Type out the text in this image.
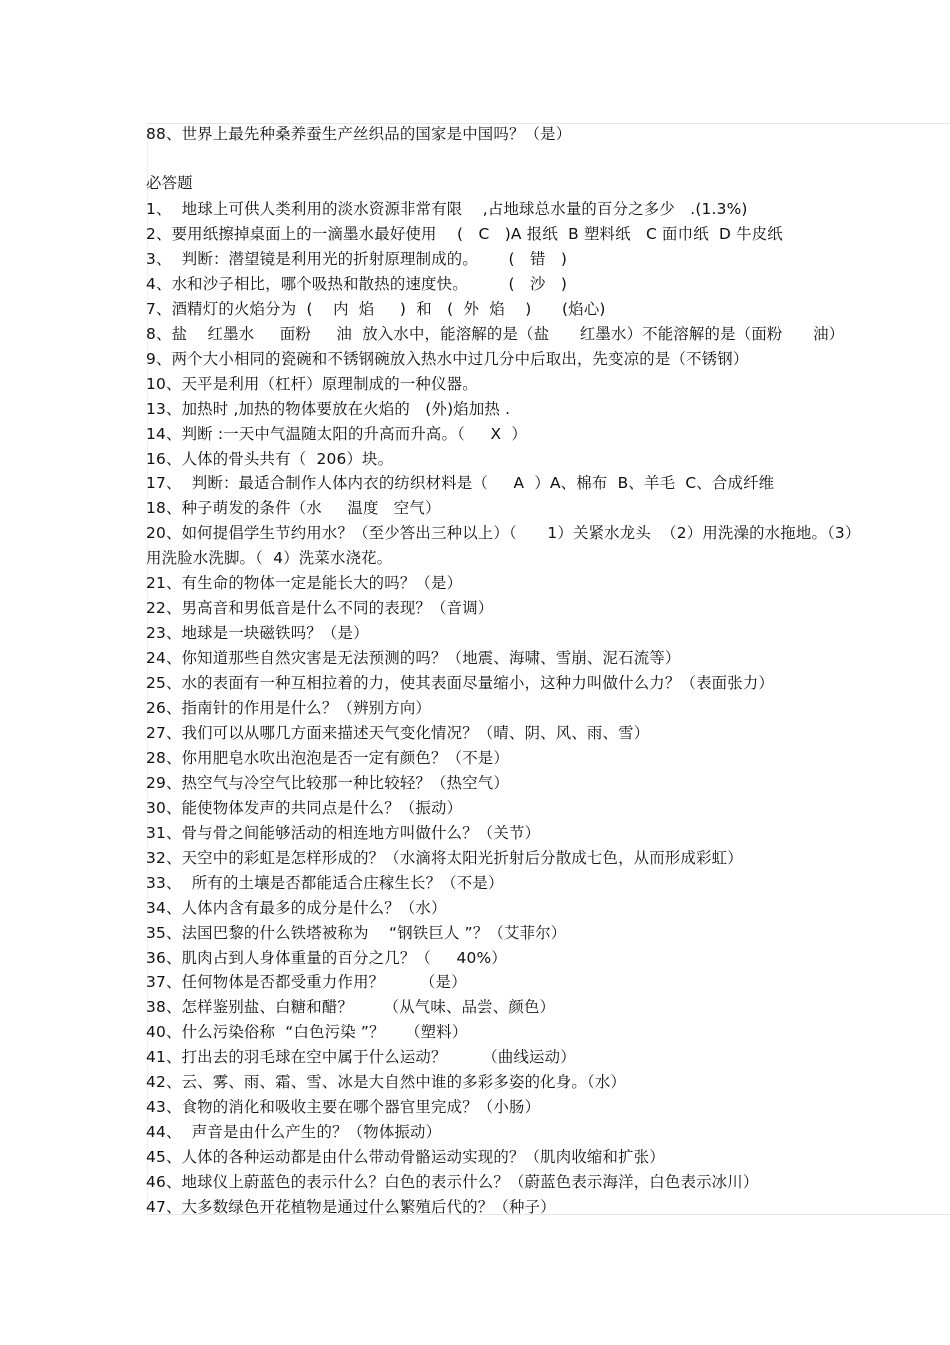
88、世界上最先种桑养蚕生产丝织品的国家是中国吗？（是）
必答题
1、  地球上可供人类利用的淡水资源非常有限    ,占地球总水量的百分之多少   .(1.3%)
2、要用纸擦掉桌面上的一滴墨水最好使用    (   C   )A 报纸  B 塑料纸   C 面巾纸  D 牛皮纸
3、  判断：潜望镜是利用光的折射原理制成的。      (   错   )
4、水和沙子相比，哪个吸热和散热的速度快。        (   沙   )
7、酒精灯的火焰分为  (    内  焰     )  和   (  外  焰    )      (焰心)
8、盐    红墨水     面粉     油  放入水中，能溶解的是（盐      红墨水）不能溶解的是（面粉      油）
9、两个大小相同的瓷碗和不锈钢碗放入热水中过几分中后取出，先变凉的是（不锈钢）
10、天平是利用（杠杆）原理制成的一种仪器。
13、加热时 ,加热的物体要放在火焰的   (外)焰加热 .
14、判断 :一天中气温随太阳的升高而升高。（     X  ）
16、人体的骨头共有（  206）块。
17、  判断：最适合制作人体内衣的纺织材料是（     A  ）A、棉布  B、羊毛  C、合成纤维
18、种子萌发的条件（水     温度   空气）
20、如何提倡学生节约用水？（至少答出三种以上）（      1）关紧水龙头  （2）用洗澡的水拖地。（3）
用洗脸水洗脚。（  4）洗菜水浇花。
21、有生命的物体一定是能长大的吗？（是）
22、男高音和男低音是什么不同的表现？（音调）
23、地球是一块磁铁吗？（是）
24、你知道那些自然灾害是无法预测的吗？（地震、海啸、雪崩、泥石流等）
25、水的表面有一种互相拉着的力，使其表面尽量缩小，这种力叫做什么力？（表面张力）
26、指南针的作用是什么？（辨别方向）
27、我们可以从哪几方面来描述天气变化情况？（晴、阴、风、雨、雪）
28、你用肥皂水吹出泡泡是否一定有颜色？（不是）
29、热空气与冷空气比较那一种比较轻？（热空气）
30、能使物体发声的共同点是什么？（振动）
31、骨与骨之间能够活动的相连地方叫做什么？（关节）
32、天空中的彩虹是怎样形成的？（水滴将太阳光折射后分散成七色，从而形成彩虹）
33、  所有的土壤是否都能适合庄稼生长？（不是）
34、人体内含有最多的成分是什么？（水）
35、法国巴黎的什么铁塔被称为    “钢铁巨人 ”？（艾菲尔）
36、肌肉占到人身体重量的百分之几？（     40%）
37、任何物体是否都受重力作用？       （是）
38、怎样鉴别盐、白糖和醋？      （从气味、品尝、颜色）
40、什么污染俗称  “白色污染 ”？    （塑料）
41、打出去的羽毛球在空中属于什么运动？       （曲线运动）
42、云、雾、雨、霜、雪、冰是大自然中谁的多彩多姿的化身。（水）
43、食物的消化和吸收主要在哪个器官里完成？（小肠）
44、  声音是由什么产生的？（物体振动）
45、人体的各种运动都是由什么带动骨骼运动实现的？（肌肉收缩和扩张）
46、地球仪上蔚蓝色的表示什么？白色的表示什么？（蔚蓝色表示海洋，白色表示冰川）
47、大多数绿色开花植物是通过什么繁殖后代的？（种子）
